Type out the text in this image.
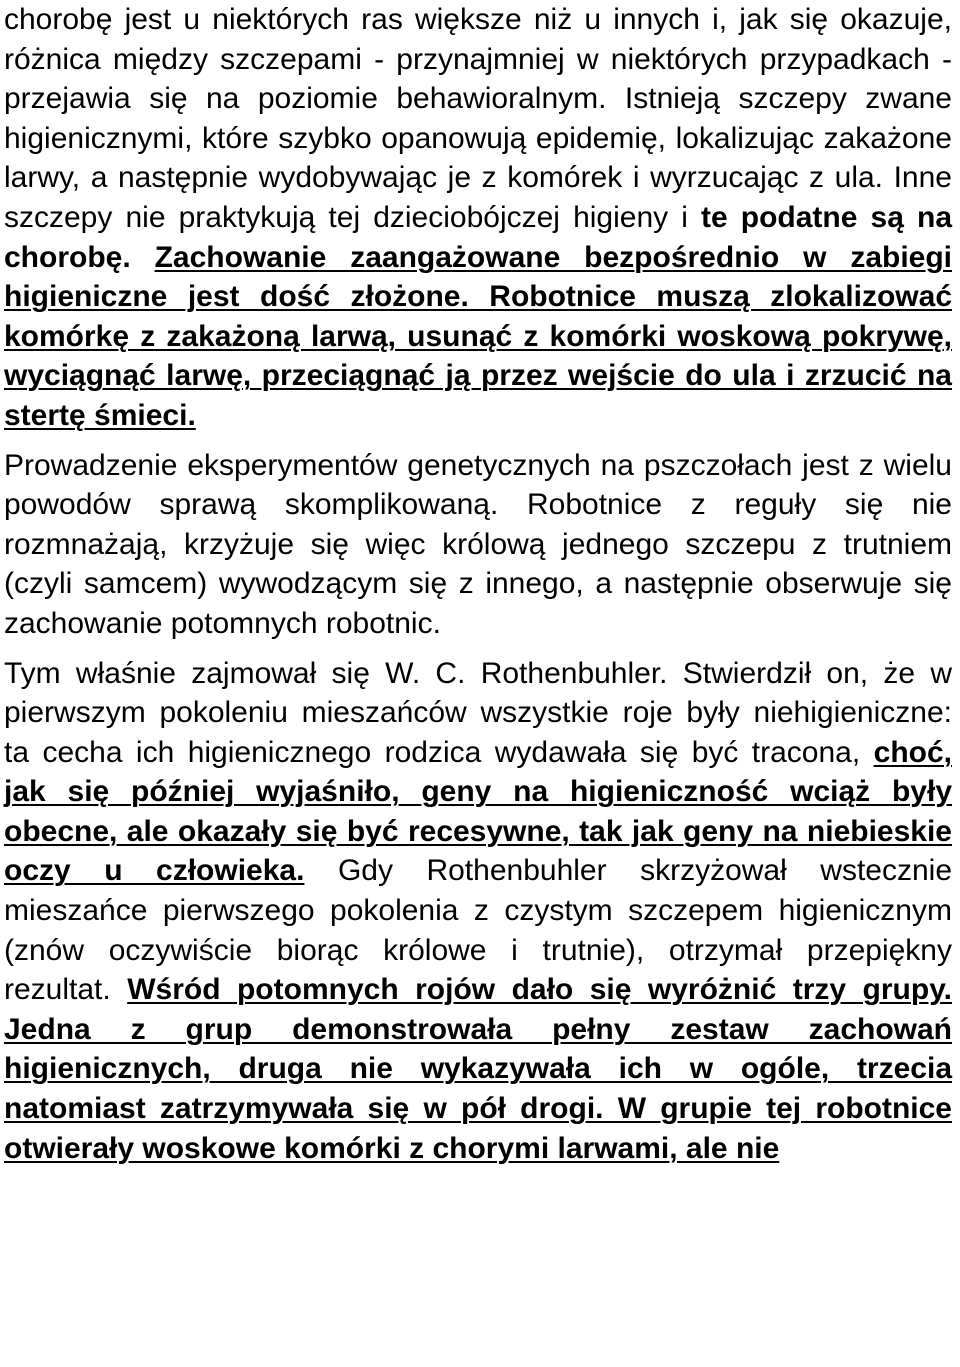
chorobę jest u niektórych ras większe niż u innych i, jak się okazuje, różnica między szczepami - przynajmniej w niektórych przypadkach - przejawia się na poziomie behawioralnym. Istnieją szczepy zwane higienicznymi, które szybko opanowują epidemię, lokalizując zakażone larwy, a następnie wydobywając je z komórek i wyrzucając z ula. Inne szczepy nie praktykują tej dzieciobójczej higieny i te podatne są na chorobę. Zachowanie zaangażowane bezpośrednio w zabiegi higieniczne jest dość złożone. Robotnice muszą zlokalizować komórkę z zakażoną larwą, usunąć z komórki woskową pokrywę, wyciągnąć larwę, przeciągnąć ją przez wejście do ula i zrzucić na stertę śmieci.

Prowadzenie eksperymentów genetycznych na pszczołach jest z wielu powodów sprawą skomplikowaną. Robotnice z reguły się nie rozmnażają, krzyżuje się więc królową jednego szczepu z trutniem (czyli samcem) wywodzącym się z innego, a następnie obserwuje się zachowanie potomnych robotnic.

Tym właśnie zajmował się W. C. Rothenbuhler. Stwierdził on, że w pierwszym pokoleniu mieszańców wszystkie roje były niehigieniczne: ta cecha ich higienicznego rodzica wydawała się być tracona, choć, jak się później wyjaśniło, geny na higieniczność wciąż były obecne, ale okazały się być recesywne, tak jak geny na niebieskie oczy u człowieka. Gdy Rothenbuhler skrzyżował wstecznie mieszańce pierwszego pokolenia z czystym szczepem higienicznym (znów oczywiście biorąc królowe i trutnie), otrzymał przepiękny rezultat. Wśród potomnych rojów dało się wyróżnić trzy grupy. Jedna z grup demonstrowała pełny zestaw zachowań higienicznych, druga nie wykazywała ich w ogóle, trzecia natomiast zatrzymywała się w pół drogi. W grupie tej robotnice otwierały woskowe komórki z chorymi larwami, ale nie
